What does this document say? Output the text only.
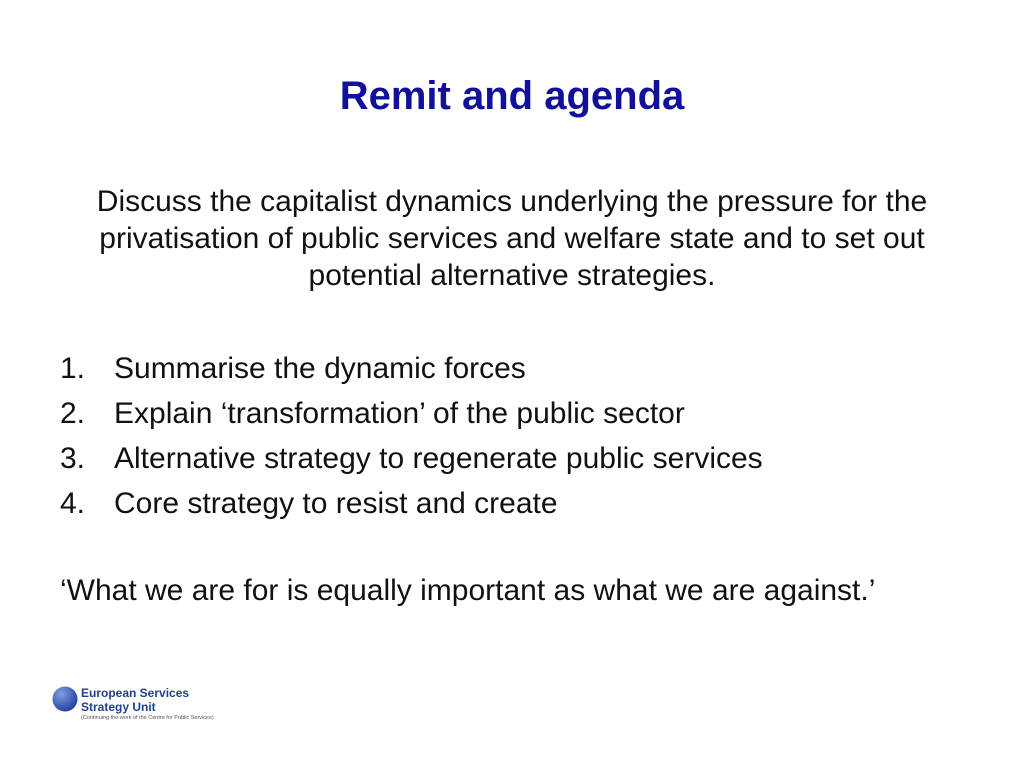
Remit and agenda
Discuss the capitalist dynamics underlying the pressure for the privatisation of public services and welfare state and to set out potential alternative strategies.
1. Summarise the dynamic forces
2. Explain ‘transformation’ of the public sector
3. Alternative strategy to regenerate public services
4. Core strategy to resist and create
‘What we are for is equally important as what we are against.’
European Services
Strategy Unit
(Continuing the work of the Centre for Public Services)
